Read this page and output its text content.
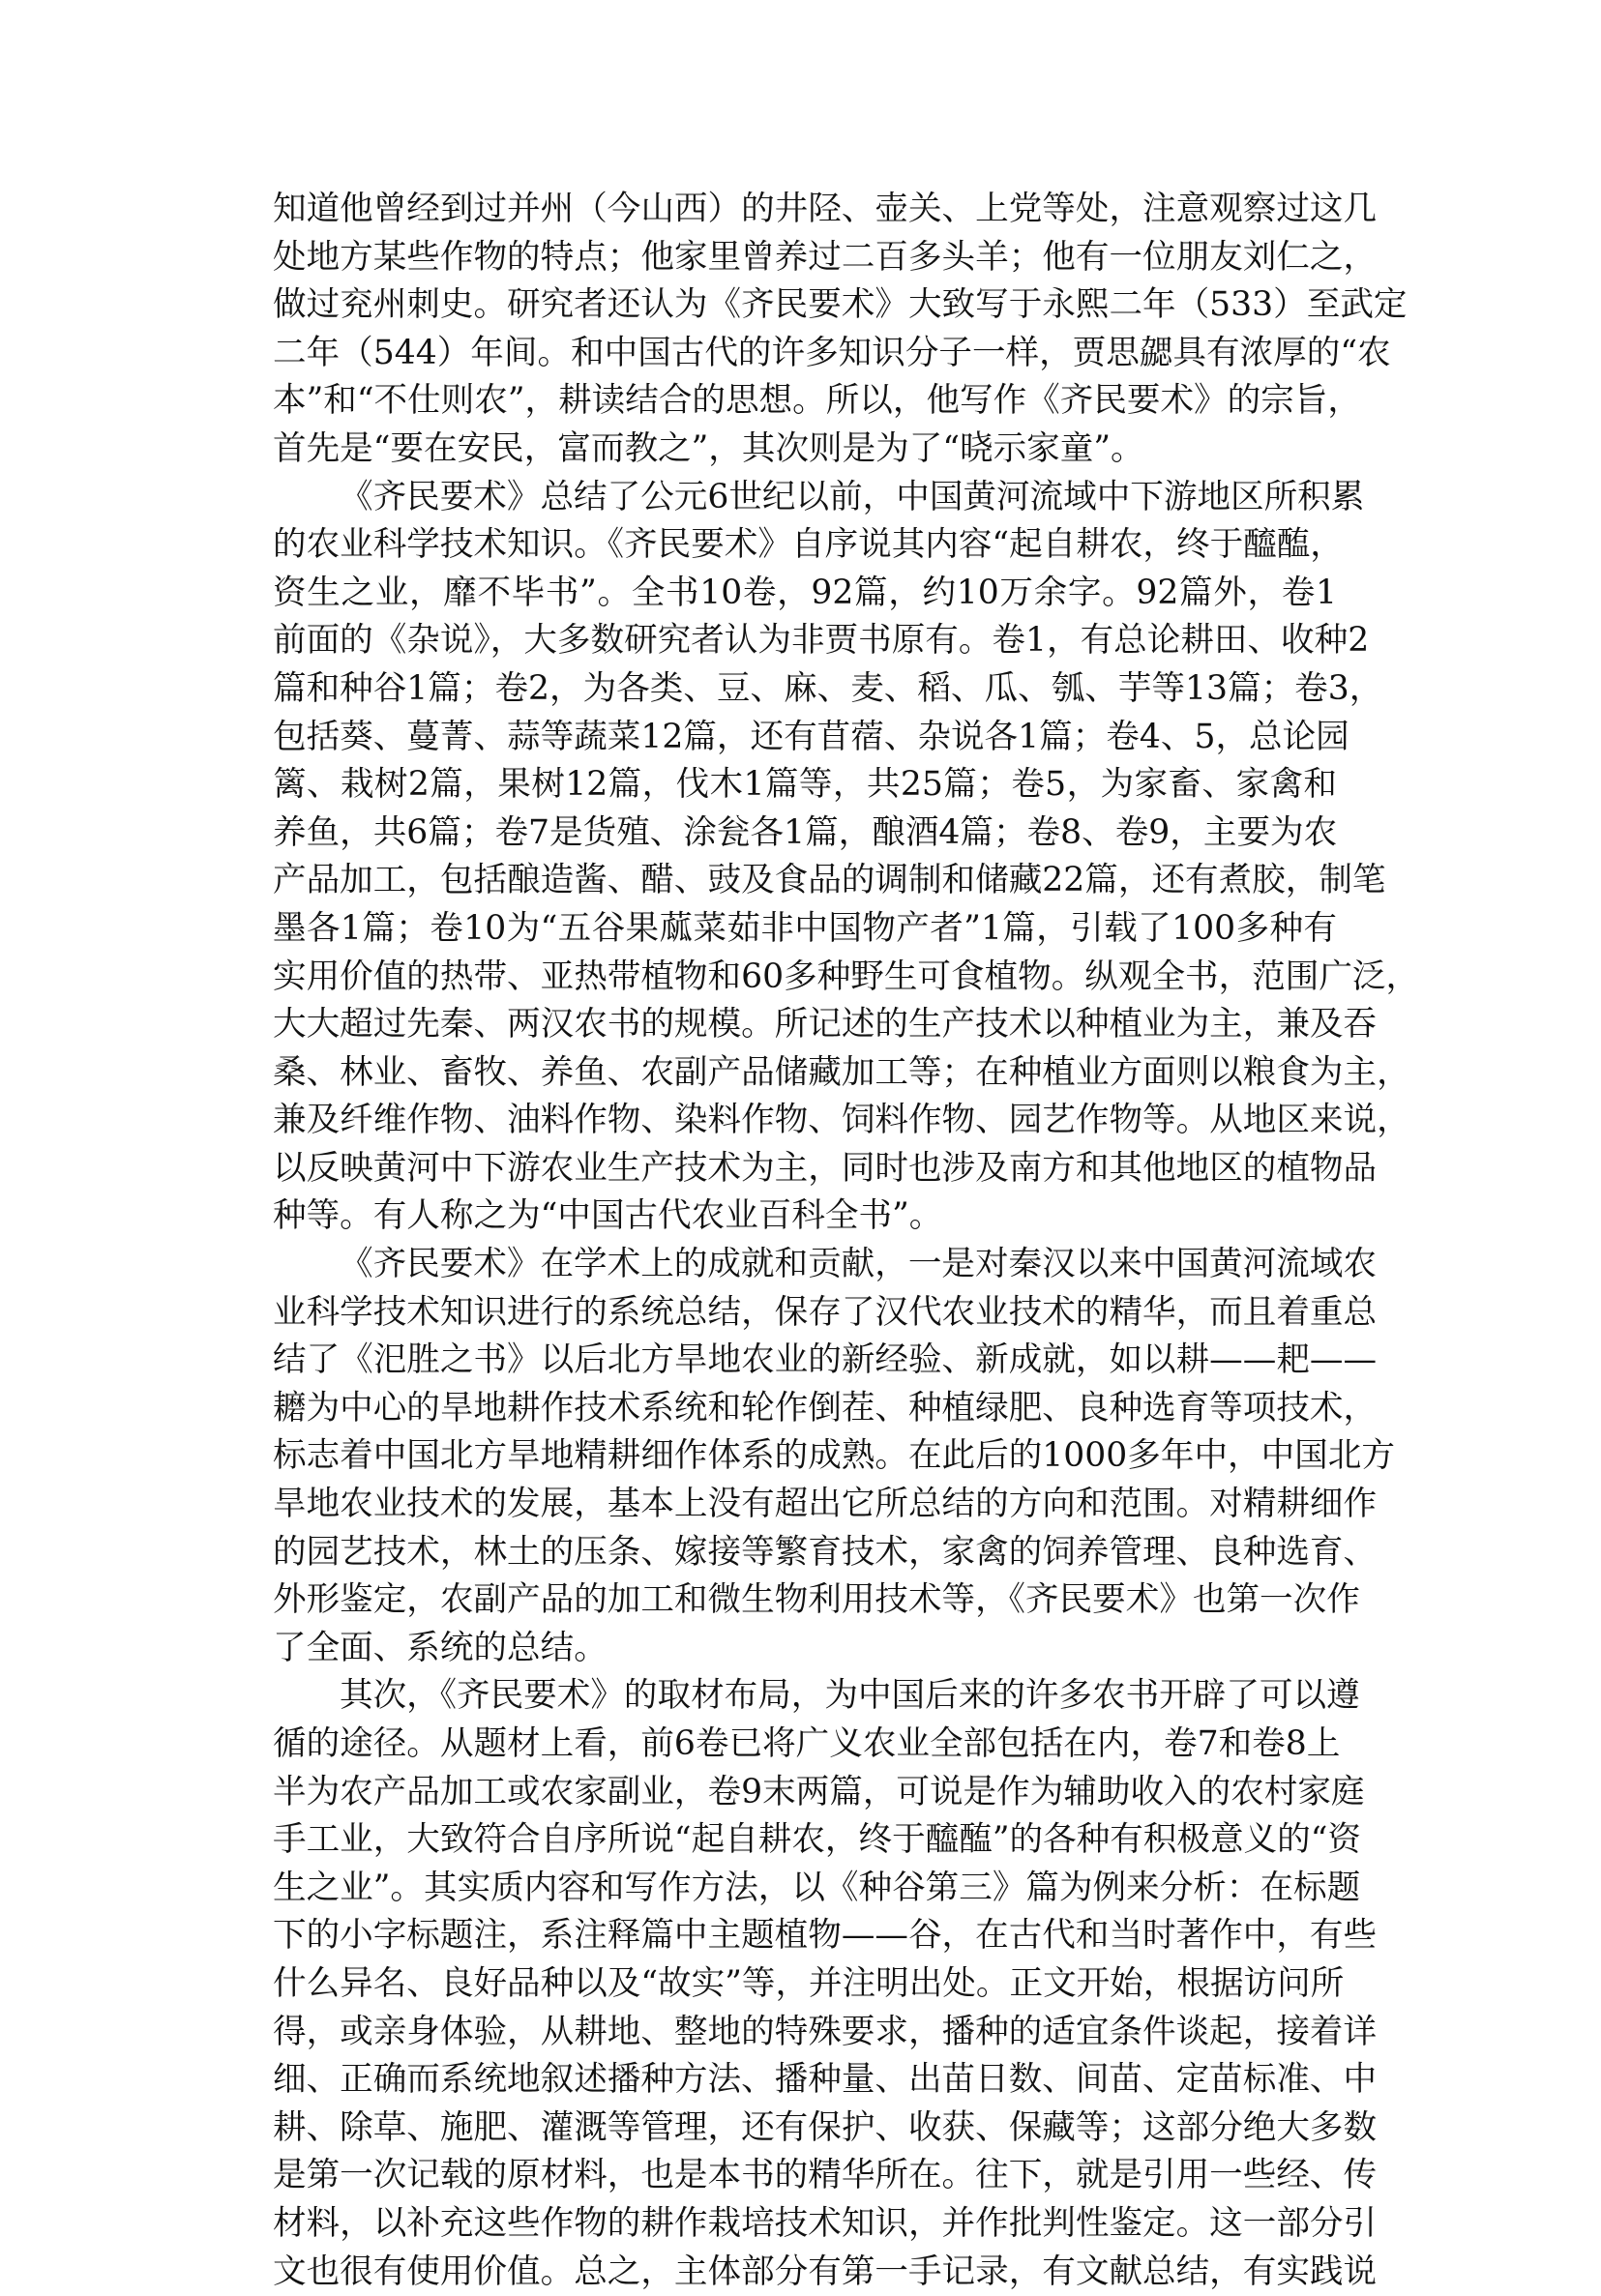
知道他曾经到过并州（今山西）的井陉、壶关、上党等处，注意观察过这几
处地方某些作物的特点；他家里曾养过二百多头羊；他有一位朋友刘仁之，
做过兖州刺史。研究者还认为《齐民要术》大致写于永熙二年（533）至武定
二年（544）年间。和中国古代的许多知识分子一样，贾思勰具有浓厚的“农
本”和“不仕则农”，耕读结合的思想。所以，他写作《齐民要术》的宗旨，
首先是“要在安民，富而教之”，其次则是为了“晓示家童”。
《齐民要术》总结了公元6世纪以前，中国黄河流域中下游地区所积累
的农业科学技术知识。《齐民要术》自序说其内容“起自耕农，终于醯醢，
资生之业，靡不毕书”。全书10卷，92篇，约10万余字。92篇外，卷1
前面的《杂说》，大多数研究者认为非贾书原有。卷1，有总论耕田、收种2
篇和种谷1篇；卷2，为各类、豆、麻、麦、稻、瓜、瓠、芋等13篇；卷3，
包括葵、蔓菁、蒜等蔬菜12篇，还有苜蓿、杂说各1篇；卷4、5，总论园
篱、栽树2篇，果树12篇，伐木1篇等，共25篇；卷5，为家畜、家禽和
养鱼，共6篇；卷7是货殖、涂瓮各1篇，酿酒4篇；卷8、卷9，主要为农
产品加工，包括酿造酱、醋、豉及食品的调制和储藏22篇，还有煮胶，制笔
墨各1篇；卷10为“五谷果蓏菜茹非中国物产者”1篇，引载了100多种有
实用价值的热带、亚热带植物和60多种野生可食植物。纵观全书，范围广泛，
大大超过先秦、两汉农书的规模。所记述的生产技术以种植业为主，兼及吞
桑、林业、畜牧、养鱼、农副产品储藏加工等；在种植业方面则以粮食为主，
兼及纤维作物、油料作物、染料作物、饲料作物、园艺作物等。从地区来说，
以反映黄河中下游农业生产技术为主，同时也涉及南方和其他地区的植物品
种等。有人称之为“中国古代农业百科全书”。
《齐民要术》在学术上的成就和贡献，一是对秦汉以来中国黄河流域农
业科学技术知识进行的系统总结，保存了汉代农业技术的精华，而且着重总
结了《汜胜之书》以后北方旱地农业的新经验、新成就，如以耕——耙——
耱为中心的旱地耕作技术系统和轮作倒茬、种植绿肥、良种选育等项技术，
标志着中国北方旱地精耕细作体系的成熟。在此后的1000多年中，中国北方
旱地农业技术的发展，基本上没有超出它所总结的方向和范围。对精耕细作
的园艺技术，林土的压条、嫁接等繁育技术，家禽的饲养管理、良种选育、
外形鉴定，农副产品的加工和微生物利用技术等，《齐民要术》也第一次作
了全面、系统的总结。
其次，《齐民要术》的取材布局，为中国后来的许多农书开辟了可以遵
循的途径。从题材上看，前6卷已将广义农业全部包括在内，卷7和卷8上
半为农产品加工或农家副业，卷9末两篇，可说是作为辅助收入的农村家庭
手工业，大致符合自序所说“起自耕农，终于醯醢”的各种有积极意义的“资
生之业”。其实质内容和写作方法，以《种谷第三》篇为例来分析：在标题
下的小字标题注，系注释篇中主题植物——谷，在古代和当时著作中，有些
什么异名、良好品种以及“故实”等，并注明出处。正文开始，根据访问所
得，或亲身体验，从耕地、整地的特殊要求，播种的适宜条件谈起，接着详
细、正确而系统地叙述播种方法、播种量、出苗日数、间苗、定苗标准、中
耕、除草、施肥、灌溉等管理，还有保护、收获、保藏等；这部分绝大多数
是第一次记载的原材料，也是本书的精华所在。往下，就是引用一些经、传
材料，以补充这些作物的耕作栽培技术知识，并作批判性鉴定。这一部分引
文也很有使用价值。总之，主体部分有第一手记录，有文献总结，有实践说
